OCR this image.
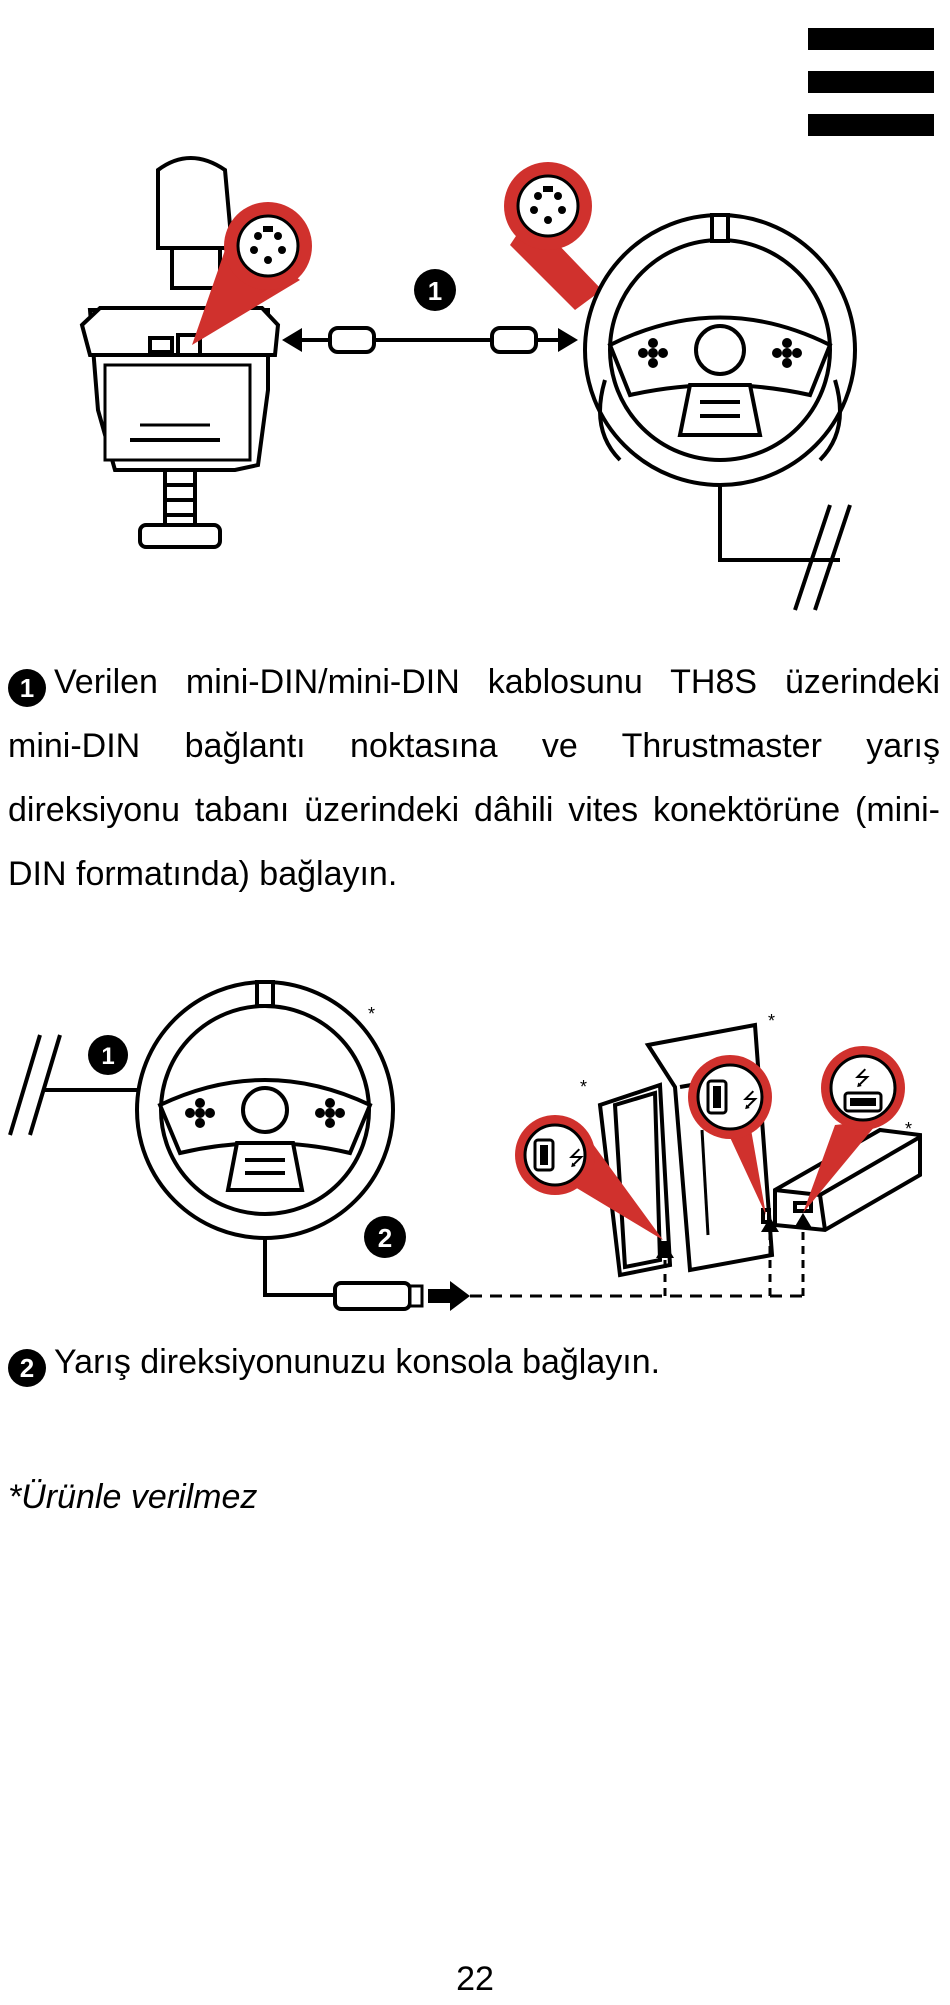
1

1 Verilen mini-DIN/mini-DIN kablosunu TH8S üzerindeki mini-DIN bağlantı noktasına ve Thrustmaster yarış direksiyonu tabanı üzerindeki dâhili vites konektörüne (mini-DIN formatında) bağlayın.

1
*
2
*
*
*
⭍
⭍
⭍

2 Yarış direksiyonunuzu konsola bağlayın.

*Ürünle verilmez

22
